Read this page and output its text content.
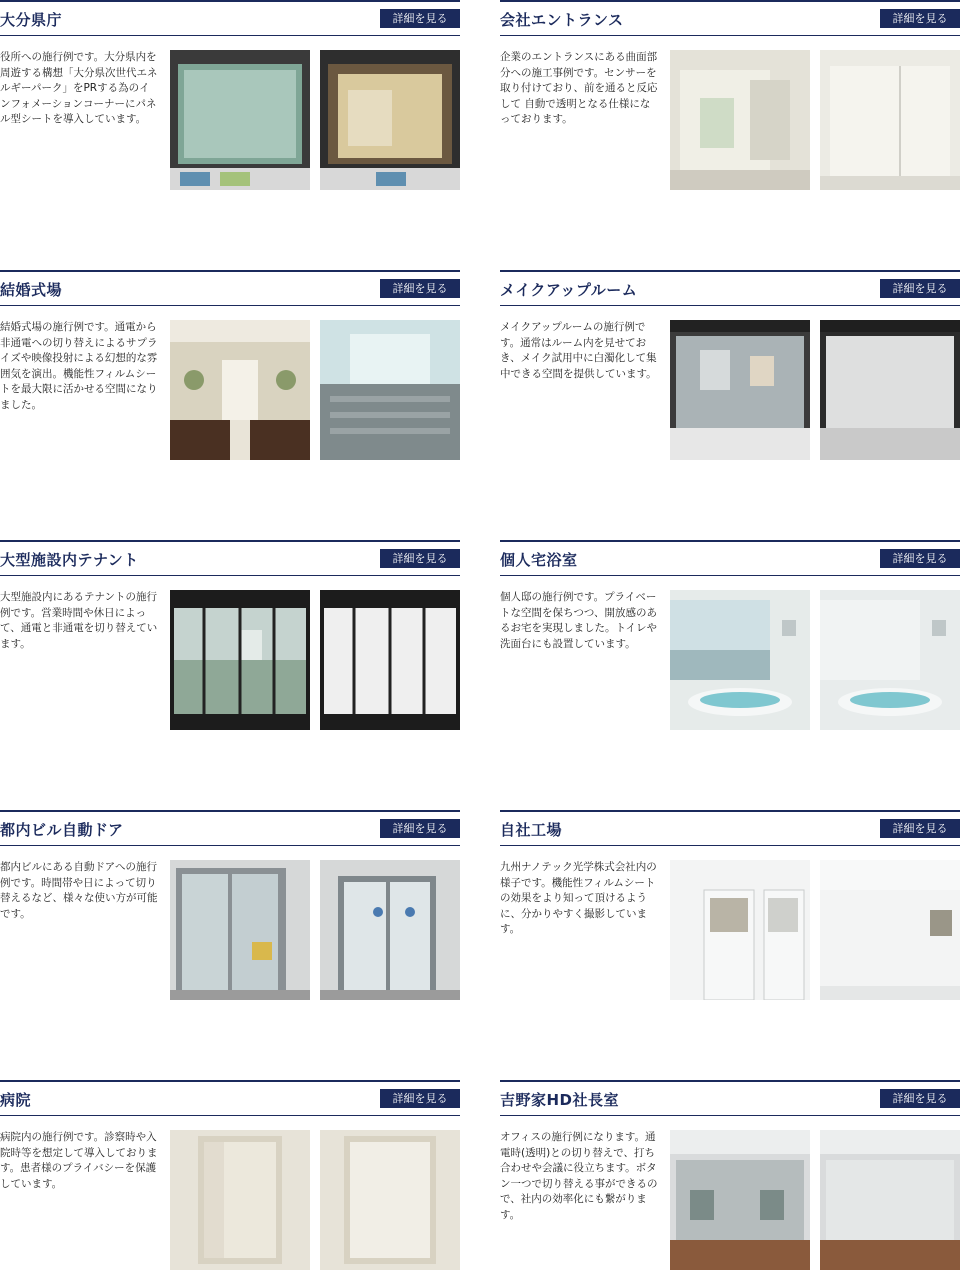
大分県庁	詳細を見る
役所への施行例です。大分県内を周遊する構想「大分県次世代エネルギーパーク」をPRする為のインフォメーションコーナーにパネル型シートを導入しています。
会社エントランス	詳細を見る
企業のエントランスにある曲面部分への施工事例です。センサーを取り付けており、前を通ると反応して 自動で透明となる仕様になっております。
結婚式場	詳細を見る
結婚式場の施行例です。通電から非通電への切り替えによるサプライズや映像投射による幻想的な雰囲気を演出。機能性フィルムシートを最大限に活かせる空間になりました。
メイクアップルーム	詳細を見る
メイクアップルームの施行例です。通常はルーム内を見せておき、メイク試用中に白濁化して集中できる空間を提供しています。
大型施設内テナント	詳細を見る
大型施設内にあるテナントの施行例です。営業時間や休日によって、通電と非通電を切り替えています。
個人宅浴室	詳細を見る
個人邸の施行例です。プライベートな空間を保ちつつ、開放感のあるお宅を実現しました。トイレや洗面台にも設置しています。
都内ビル自動ドア	詳細を見る
都内ビルにある自動ドアへの施行例です。時間帯や日によって切り替えるなど、様々な使い方が可能です。
自社工場	詳細を見る
九州ナノテック光学株式会社内の様子です。機能性フィルムシートの効果をより知って頂けるように、分かりやすく撮影しています。
病院	詳細を見る
病院内の施行例です。診察時や入院時等を想定して導入しております。患者様のプライバシーを保護しています。
吉野家HD社長室	詳細を見る
オフィスの施行例になります。通電時(透明)との切り替えで、打ち合わせや会議に役立ちます。ボタン一つで切り替える事ができるので、社内の効率化にも繋がります。
